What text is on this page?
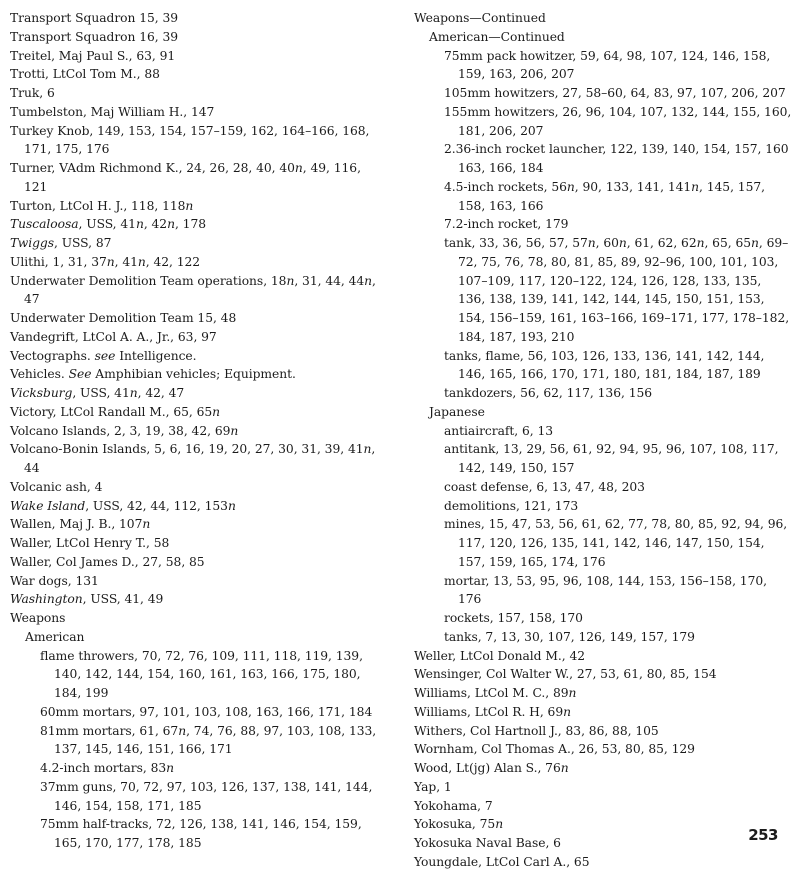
Transport Squadron 15, 39
Transport Squadron 16, 39
Treitel, Maj Paul S., 63, 91
Trotti, LtCol Tom M., 88
Truk, 6
Tumbelston, Maj William H., 147
Turkey Knob, 149, 153, 154, 157–159, 162, 164–166, 168, 171, 175, 176
Turner, VAdm Richmond K., 24, 26, 28, 40, 40n, 49, 116, 121
Turton, LtCol H. J., 118, 118n
Tuscaloosa, USS, 41n, 42n, 178
Twiggs, USS, 87
Ulithi, 1, 31, 37n, 41n, 42, 122
Underwater Demolition Team operations, 18n, 31, 44, 44n, 47
Underwater Demolition Team 15, 48
Vandegrift, LtCol A. A., Jr., 63, 97
Vectographs. see Intelligence.
Vehicles. See Amphibian vehicles; Equipment.
Vicksburg, USS, 41n, 42, 47
Victory, LtCol Randall M., 65, 65n
Volcano Islands, 2, 3, 19, 38, 42, 69n
Volcano-Bonin Islands, 5, 6, 16, 19, 20, 27, 30, 31, 39, 41n, 44
Volcanic ash, 4
Wake Island, USS, 42, 44, 112, 153n
Wallen, Maj J. B., 107n
Waller, LtCol Henry T., 58
Waller, Col James D., 27, 58, 85
War dogs, 131
Washington, USS, 41, 49
Weapons
American
flame throwers, 70, 72, 76, 109, 111, 118, 119, 139, 140, 142, 144, 154, 160, 161, 163, 166, 175, 180, 184, 199
60mm mortars, 97, 101, 103, 108, 163, 166, 171, 184
81mm mortars, 61, 67n, 74, 76, 88, 97, 103, 108, 133, 137, 145, 146, 151, 166, 171
4.2-inch mortars, 83n
37mm guns, 70, 72, 97, 103, 126, 137, 138, 141, 144, 146, 154, 158, 171, 185
75mm half-tracks, 72, 126, 138, 141, 146, 154, 159, 165, 170, 177, 178, 185
Weapons—Continued
American—Continued
75mm pack howitzer, 59, 64, 98, 107, 124, 146, 158, 159, 163, 206, 207
105mm howitzers, 27, 58–60, 64, 83, 97, 107, 206, 207
155mm howitzers, 26, 96, 104, 107, 132, 144, 155, 160, 181, 206, 207
2.36-inch rocket launcher, 122, 139, 140, 154, 157, 160 163, 166, 184
4.5-inch rockets, 56n, 90, 133, 141, 141n, 145, 157, 158, 163, 166
7.2-inch rocket, 179
tank, 33, 36, 56, 57, 57n, 60n, 61, 62, 62n, 65, 65n, 69–72, 75, 76, 78, 80, 81, 85, 89, 92–96, 100, 101, 103, 107–109, 117, 120–122, 124, 126, 128, 133, 135, 136, 138, 139, 141, 142, 144, 145, 150, 151, 153, 154, 156–159, 161, 163–166, 169–171, 177, 178–182, 184, 187, 193, 210
tanks, flame, 56, 103, 126, 133, 136, 141, 142, 144, 146, 165, 166, 170, 171, 180, 181, 184, 187, 189
tankdozers, 56, 62, 117, 136, 156
Japanese
antiaircraft, 6, 13
antitank, 13, 29, 56, 61, 92, 94, 95, 96, 107, 108, 117, 142, 149, 150, 157
coast defense, 6, 13, 47, 48, 203
demolitions, 121, 173
mines, 15, 47, 53, 56, 61, 62, 77, 78, 80, 85, 92, 94, 96, 117, 120, 126, 135, 141, 142, 146, 147, 150, 154, 157, 159, 165, 174, 176
mortar, 13, 53, 95, 96, 108, 144, 153, 156–158, 170, 176
rockets, 157, 158, 170
tanks, 7, 13, 30, 107, 126, 149, 157, 179
Weller, LtCol Donald M., 42
Wensinger, Col Walter W., 27, 53, 61, 80, 85, 154
Williams, LtCol M. C., 89n
Williams, LtCol R. H, 69n
Withers, Col Hartnoll J., 83, 86, 88, 105
Wornham, Col Thomas A., 26, 53, 80, 85, 129
Wood, Lt(jg) Alan S., 76n
Yap, 1
Yokohama, 7
Yokosuka, 75n
Yokosuka Naval Base, 6
Youngdale, LtCol Carl A., 65
253
